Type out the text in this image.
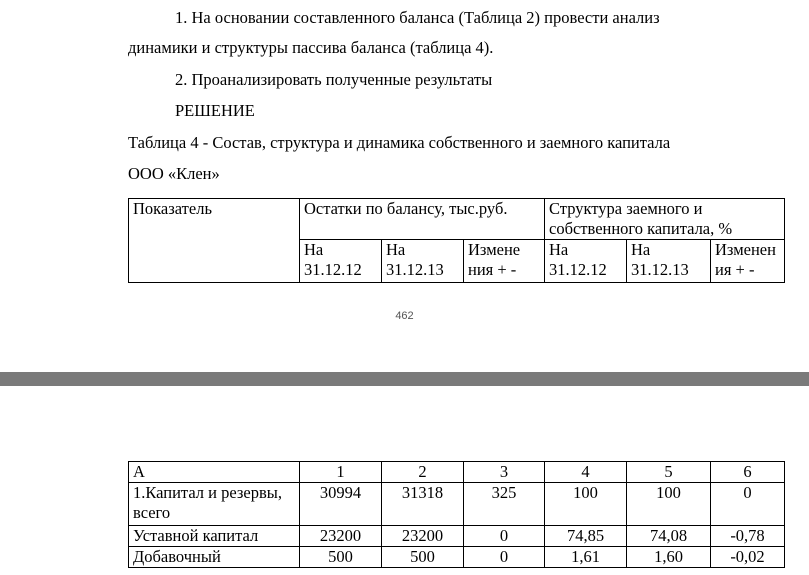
1. На основании составленного баланса (Таблица 2) провести анализ
динамики и структуры пассива баланса (таблица 4).
2. Проанализировать полученные результаты
РЕШЕНИЕ
Таблица 4 - Состав, структура и динамика собственного и заемного капитала
ООО «Клен»
Показатель	Остатки по балансу, тыс.руб.			Структура заемного и собственного капитала, %		
	На 31.12.12	На 31.12.13	Измене ния + -	На 31.12.12	На 31.12.13	Изменен ия + -
462
А	1	2	3	4	5	6
1.Капитал и резервы, всего	30994	31318	325	100	100	0
Уставной капитал	23200	23200	0	74,85	74,08	-0,78
Добавочный	500	500	0	1,61	1,60	-0,02
